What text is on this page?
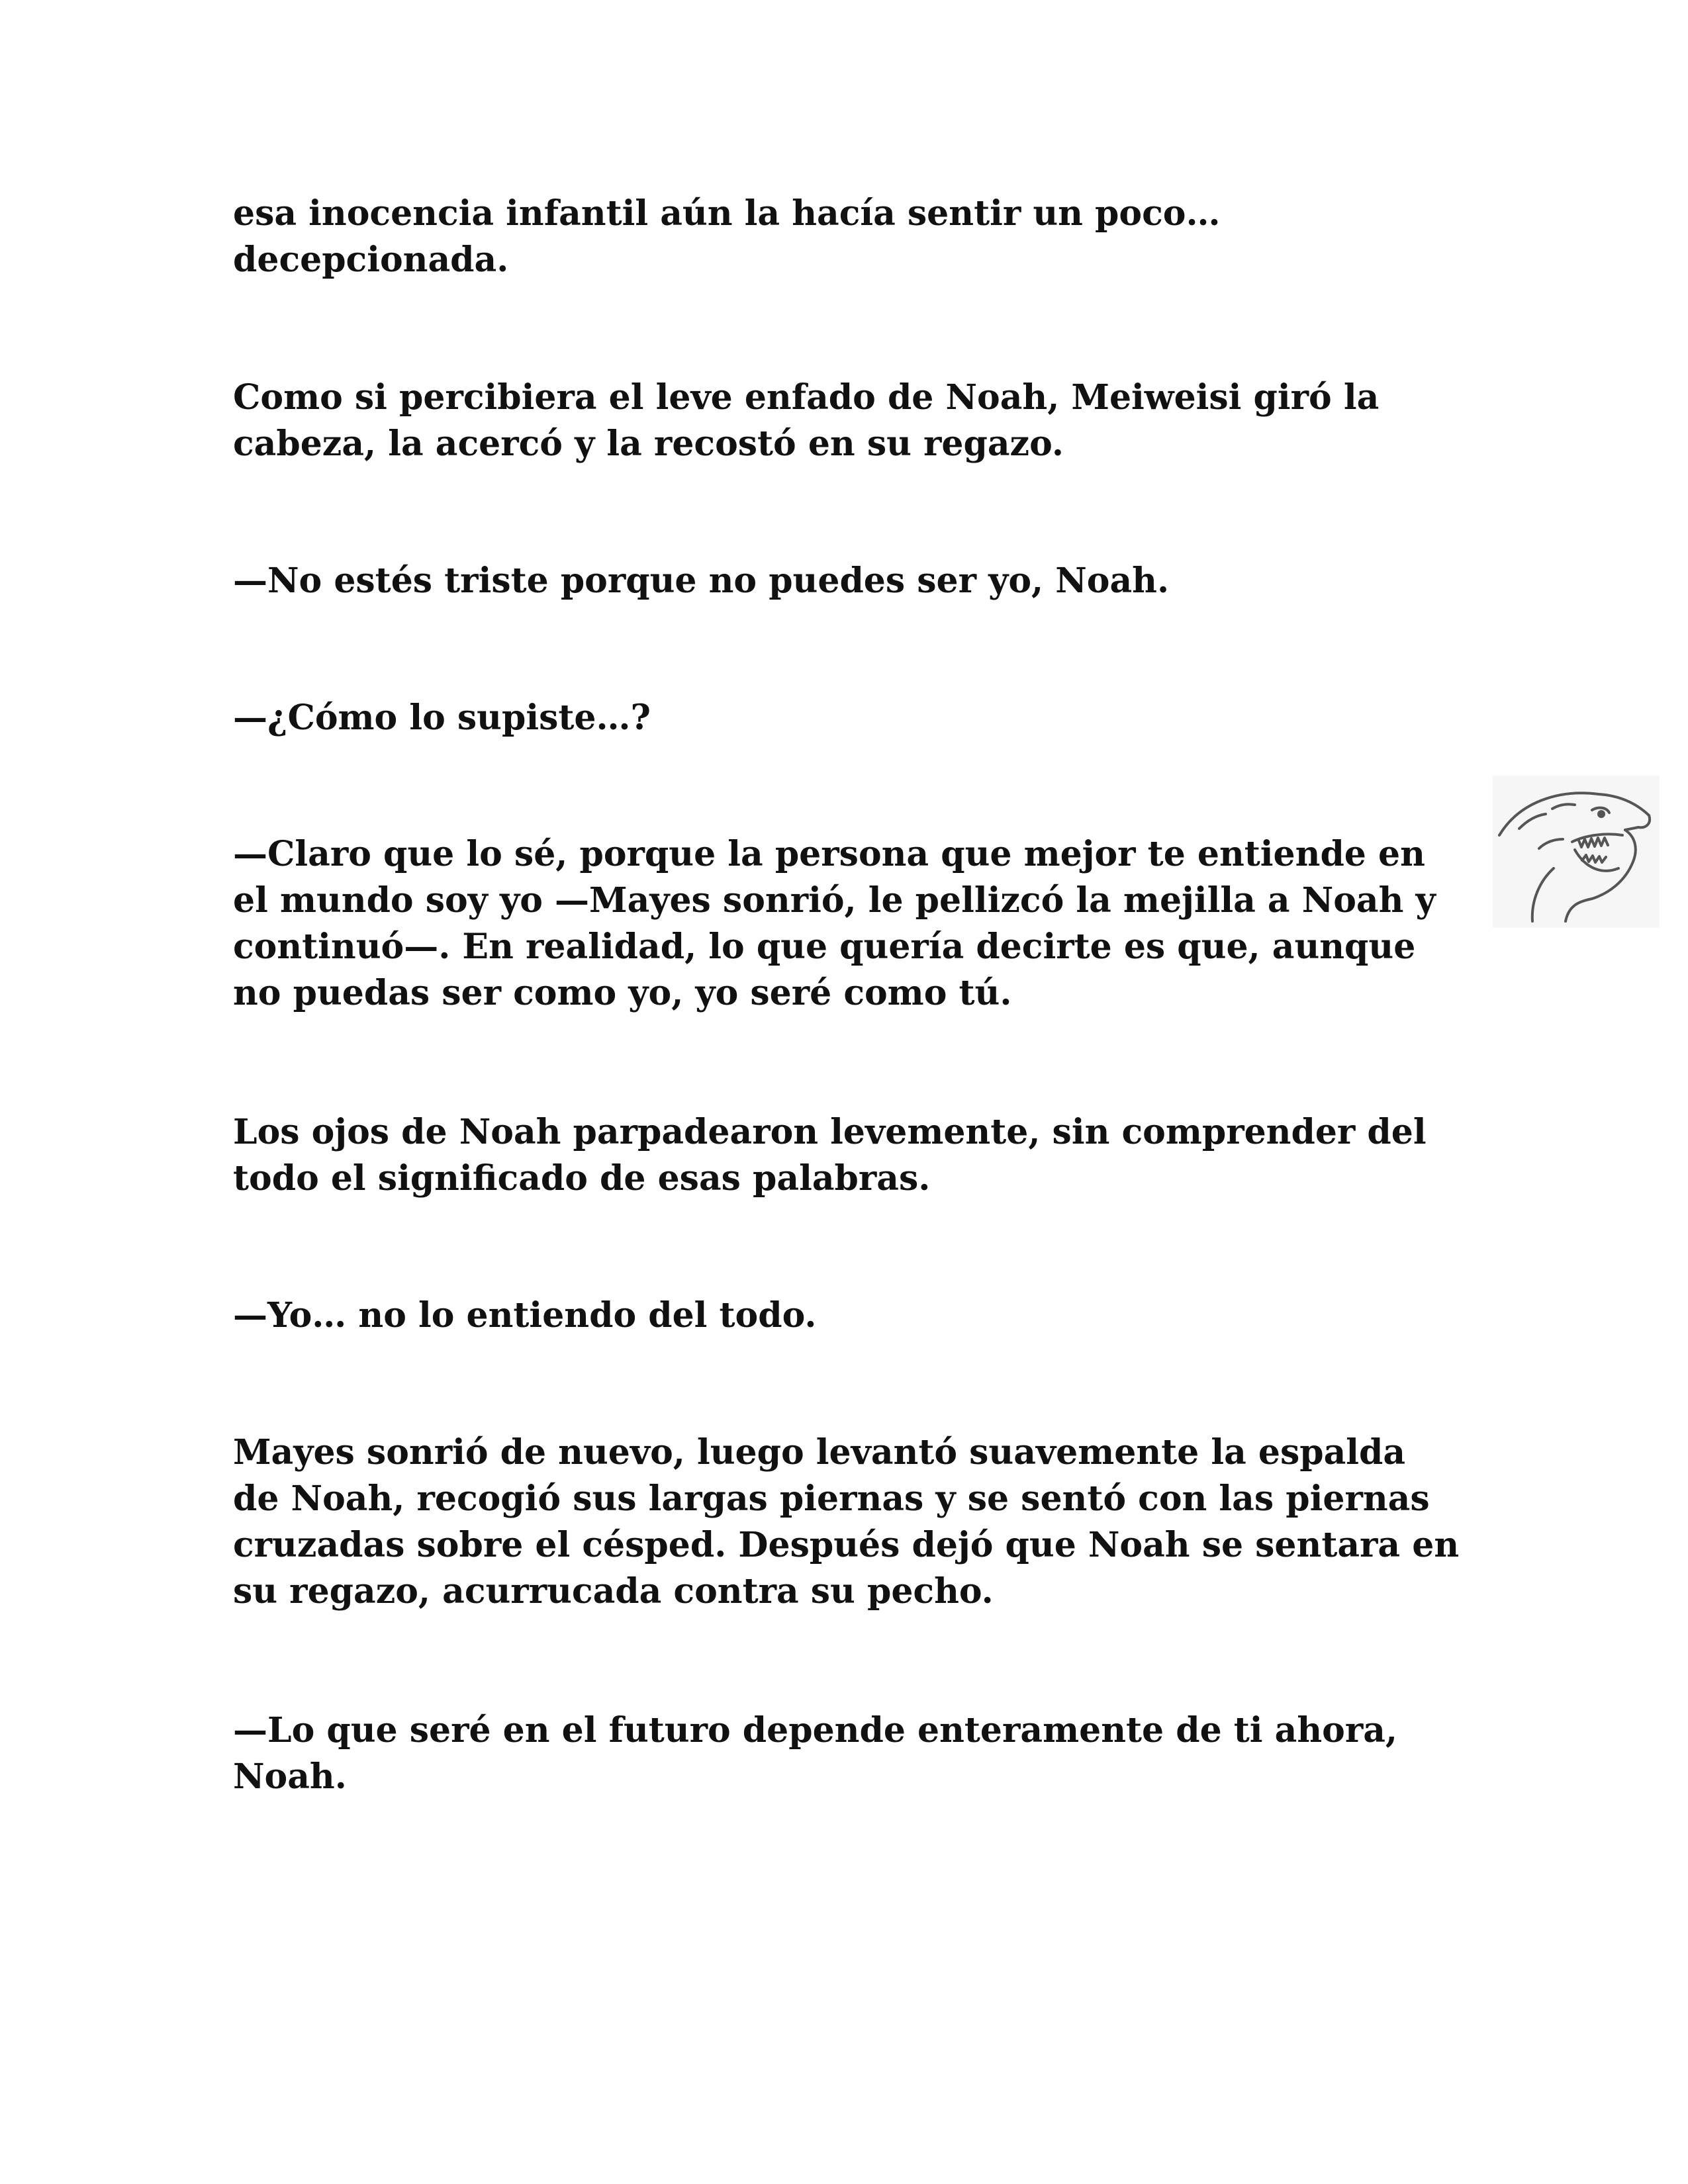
esa inocencia infantil aún la hacía sentir un poco…
decepcionada.

Como si percibiera el leve enfado de Noah, Meiweisi giró la
cabeza, la acercó y la recostó en su regazo.

—No estés triste porque no puedes ser yo, Noah.

—¿Cómo lo supiste…?

—Claro que lo sé, porque la persona que mejor te entiende en
el mundo soy yo —Mayes sonrió, le pellizcó la mejilla a Noah y
continuó—. En realidad, lo que quería decirte es que, aunque
no puedas ser como yo, yo seré como tú.

Los ojos de Noah parpadearon levemente, sin comprender del
todo el significado de esas palabras.

—Yo… no lo entiendo del todo.

Mayes sonrió de nuevo, luego levantó suavemente la espalda
de Noah, recogió sus largas piernas y se sentó con las piernas
cruzadas sobre el césped. Después dejó que Noah se sentara en
su regazo, acurrucada contra su pecho.

—Lo que seré en el futuro depende enteramente de ti ahora,
Noah.
